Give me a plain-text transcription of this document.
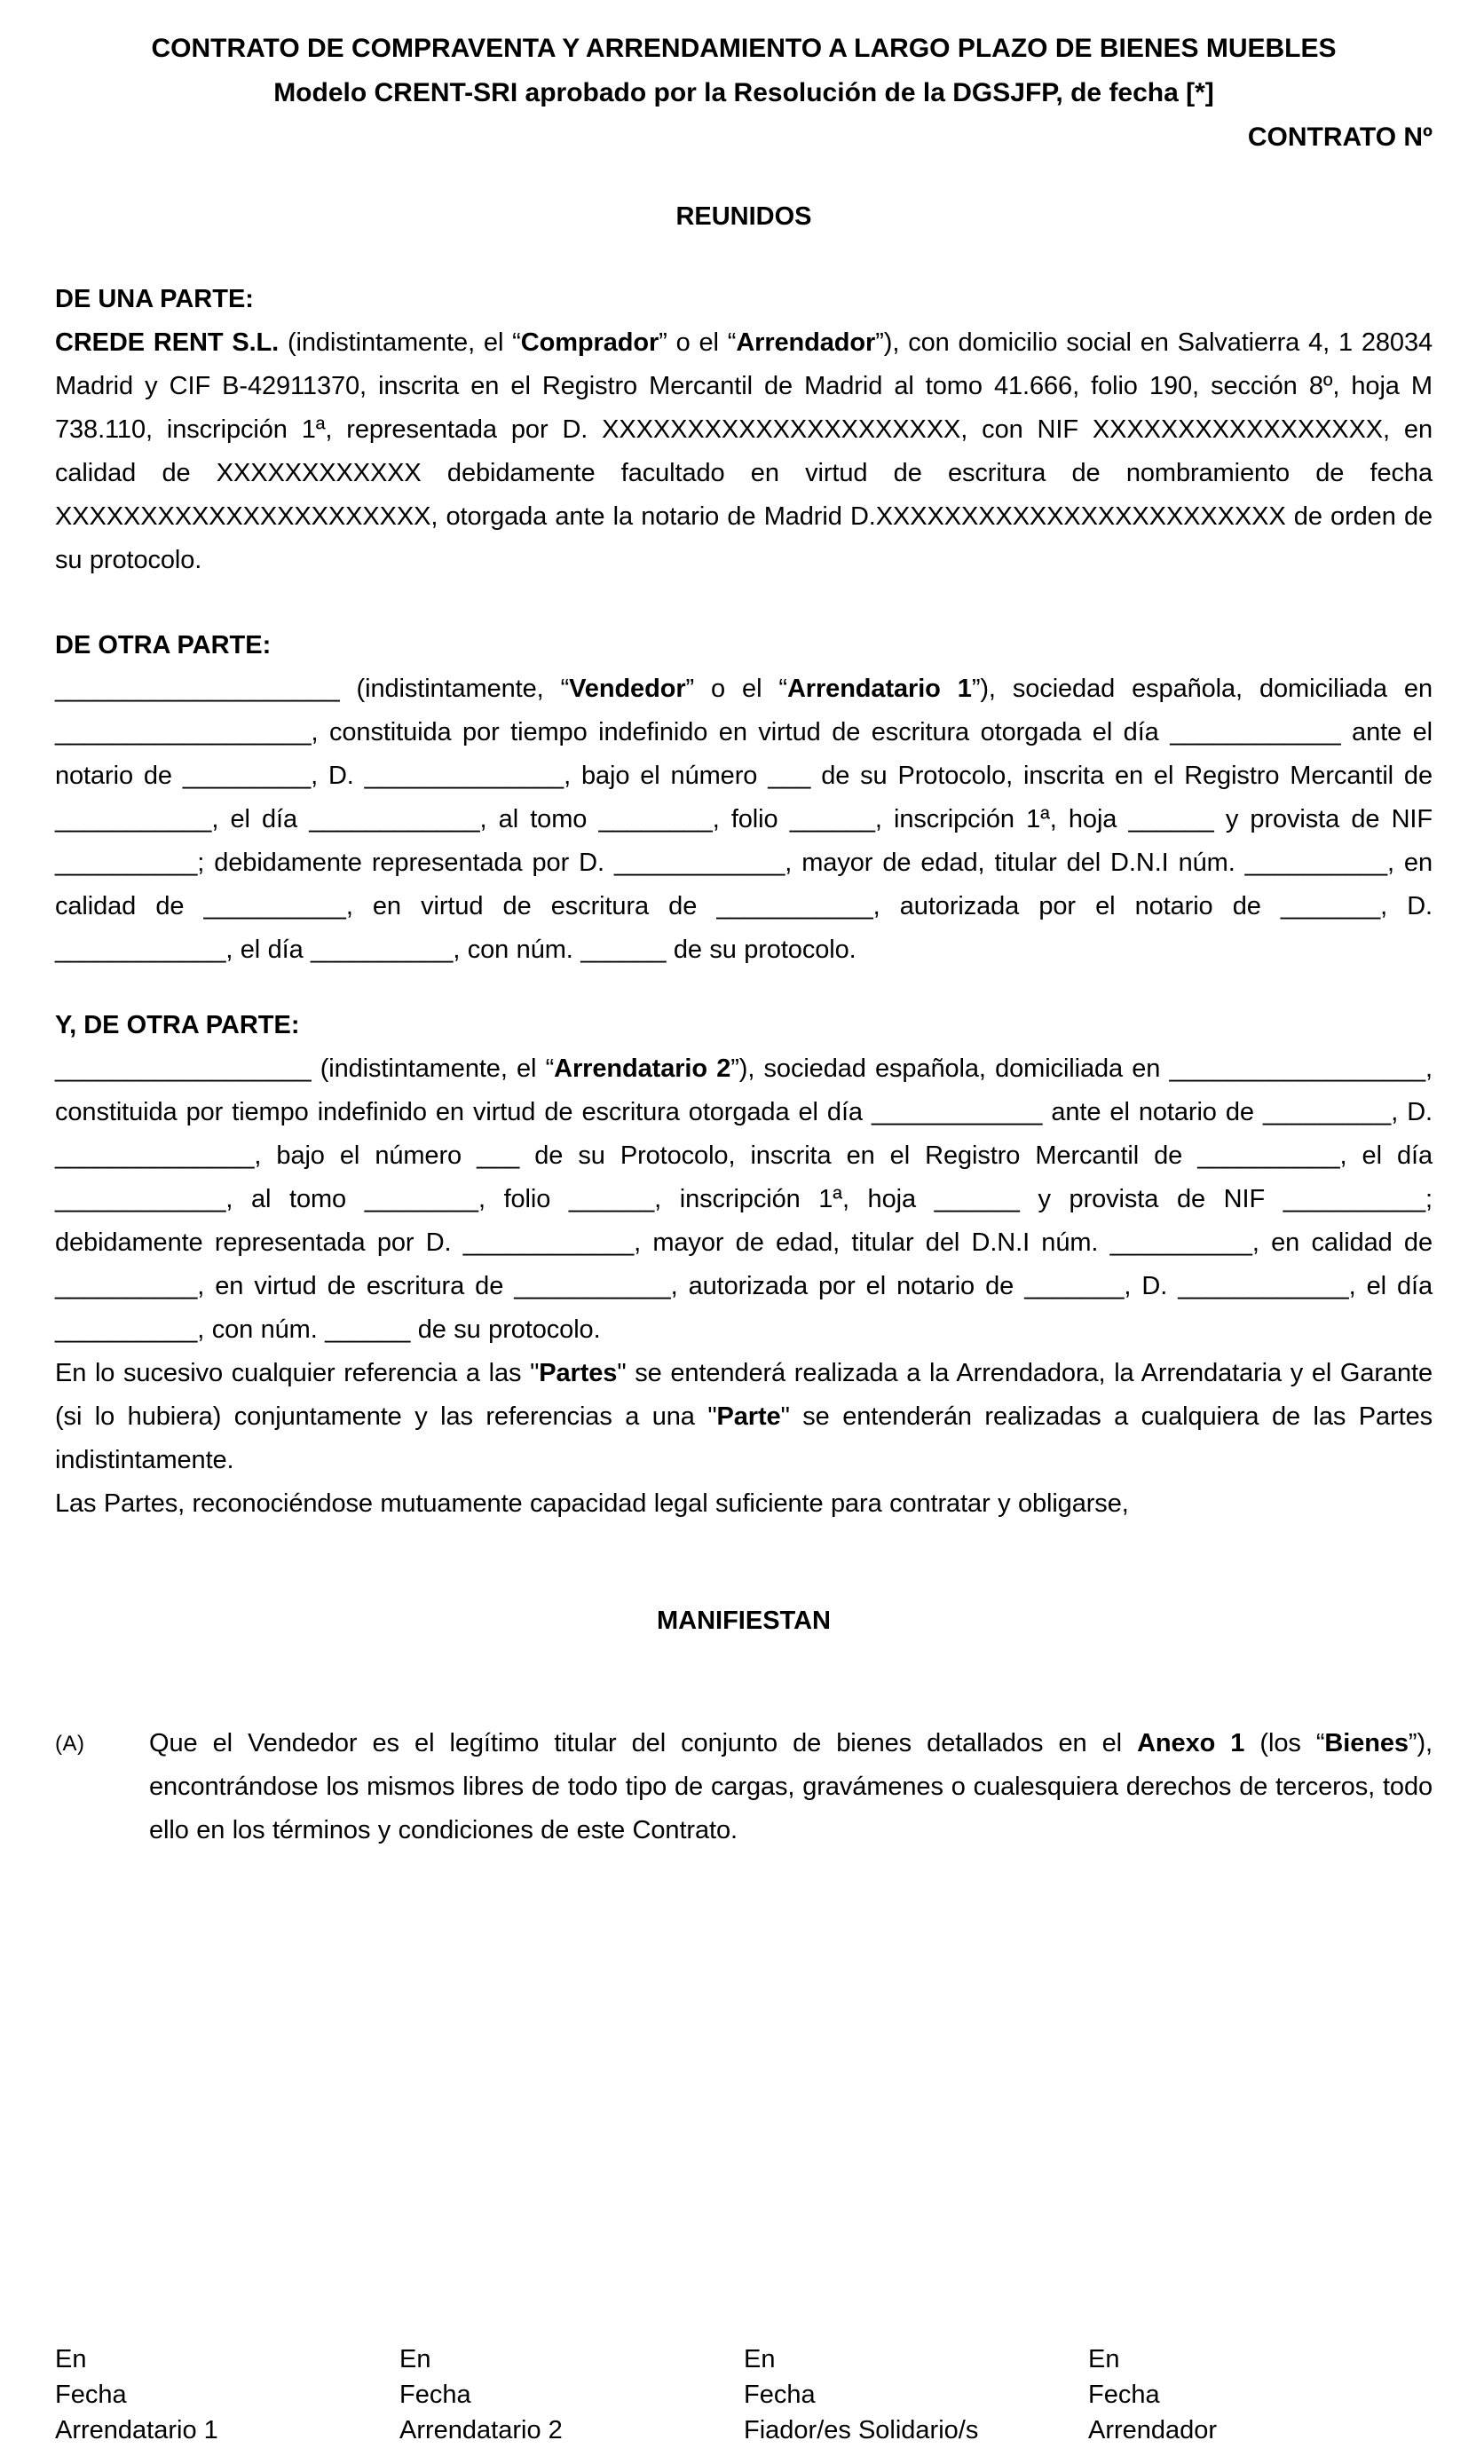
CONTRATO DE COMPRAVENTA Y ARRENDAMIENTO A LARGO PLAZO DE BIENES MUEBLES
Modelo CRENT-SRI aprobado por la Resolución de la DGSJFP, de fecha [*]
CONTRATO Nº
REUNIDOS
DE UNA PARTE:

CREDE RENT S.L. (indistintamente, el “Comprador” o el “Arrendador”), con domicilio social en Salvatierra 4, 1 28034 Madrid y CIF B-42911370, inscrita en el Registro Mercantil de Madrid al tomo 41.666, folio 190, sección 8º, hoja M 738.110, inscripción 1ª, representada por D. XXXXXXXXXXXXXXXXXXXXX, con NIF XXXXXXXXXXXXXXXXX, en calidad de XXXXXXXXXXXX debidamente facultado en virtud de escritura de nombramiento de fecha XXXXXXXXXXXXXXXXXXXXXX, otorgada ante la notario de Madrid D.XXXXXXXXXXXXXXXXXXXXXXXX de orden de su protocolo.

DE OTRA PARTE:

____________________ (indistintamente, “Vendedor” o el “Arrendatario 1”), sociedad española, domiciliada en __________________, constituida por tiempo indefinido en virtud de escritura otorgada el día ____________ ante el notario de _________, D. ______________, bajo el número ___ de su Protocolo, inscrita en el Registro Mercantil de ___________, el día ____________, al tomo ________, folio ______, inscripción 1ª, hoja ______ y provista de NIF __________; debidamente representada por D. ____________, mayor de edad, titular del D.N.I núm. __________, en calidad de __________, en virtud de escritura de ___________, autorizada por el notario de _______, D. ____________, el día __________, con núm. ______ de su protocolo.

Y, DE OTRA PARTE:

__________________ (indistintamente, el “Arrendatario 2”), sociedad española, domiciliada en __________________, constituida por tiempo indefinido en virtud de escritura otorgada el día ____________ ante el notario de _________, D. ______________, bajo el número ___ de su Protocolo, inscrita en el Registro Mercantil de __________, el día ____________, al tomo ________, folio ______, inscripción 1ª, hoja ______ y provista de NIF __________; debidamente representada por D. ____________, mayor de edad, titular del D.N.I núm. __________, en calidad de __________, en virtud de escritura de ___________, autorizada por el notario de _______, D. ____________, el día __________, con núm. ______ de su protocolo.

En lo sucesivo cualquier referencia a las "Partes" se entenderá realizada a la Arrendadora, la Arrendataria y el Garante (si lo hubiera) conjuntamente y las referencias a una "Parte" se entenderán realizadas a cualquiera de las Partes indistintamente.

Las Partes, reconociéndose mutuamente capacidad legal suficiente para contratar y obligarse,

MANIFIESTAN
(A)	Que el Vendedor es el legítimo titular del conjunto de bienes detallados en el Anexo 1 (los “Bienes”), encontrándose los mismos libres de todo tipo de cargas, gravámenes o cualesquiera derechos de terceros, todo ello en los términos y condiciones de este Contrato.

En
Fecha
Arrendatario 1
En
Fecha
Arrendatario 2
En
Fecha
Fiador/es Solidario/s
En
Fecha
Arrendador
